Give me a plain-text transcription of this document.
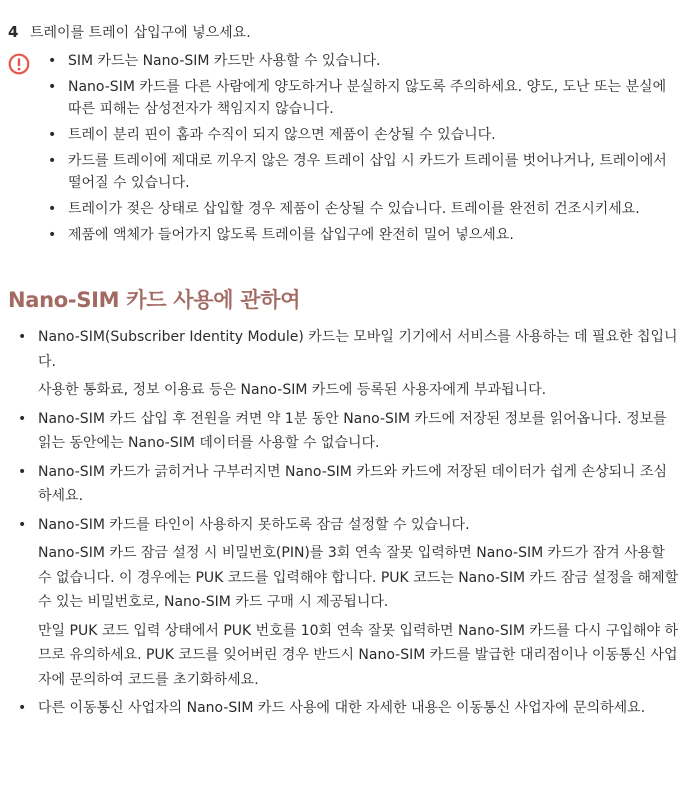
4 트레이를 트레이 삽입구에 넣으세요.
• SIM 카드는 Nano-SIM 카드만 사용할 수 있습니다.
• Nano-SIM 카드를 다른 사람에게 양도하거나 분실하지 않도록 주의하세요. 양도, 도난 또는 분실에 따른 피해는 삼성전자가 책임지지 않습니다.
• 트레이 분리 핀이 홈과 수직이 되지 않으면 제품이 손상될 수 있습니다.
• 카드를 트레이에 제대로 끼우지 않은 경우 트레이 삽입 시 카드가 트레이를 벗어나거나, 트레이에서 떨어질 수 있습니다.
• 트레이가 젖은 상태로 삽입할 경우 제품이 손상될 수 있습니다. 트레이를 완전히 건조시키세요.
• 제품에 액체가 들어가지 않도록 트레이를 삽입구에 완전히 밀어 넣으세요.
Nano-SIM 카드 사용에 관하여

• Nano-SIM(Subscriber Identity Module) 카드는 모바일 기기에서 서비스를 사용하는 데 필요한 칩입니다.

사용한 통화료, 정보 이용료 등은 Nano-SIM 카드에 등록된 사용자에게 부과됩니다.

• Nano-SIM 카드 삽입 후 전원을 켜면 약 1분 동안 Nano-SIM 카드에 저장된 정보를 읽어옵니다. 정보를 읽는 동안에는 Nano-SIM 데이터를 사용할 수 없습니다.

• Nano-SIM 카드가 긁히거나 구부러지면 Nano-SIM 카드와 카드에 저장된 데이터가 쉽게 손상되니 조심하세요.

• Nano-SIM 카드를 타인이 사용하지 못하도록 잠금 설정할 수 있습니다.

Nano-SIM 카드 잠금 설정 시 비밀번호(PIN)를 3회 연속 잘못 입력하면 Nano-SIM 카드가 잠겨 사용할 수 없습니다. 이 경우에는 PUK 코드를 입력해야 합니다. PUK 코드는 Nano-SIM 카드 잠금 설정을 해제할 수 있는 비밀번호로, Nano-SIM 카드 구매 시 제공됩니다.

만일 PUK 코드 입력 상태에서 PUK 번호를 10회 연속 잘못 입력하면 Nano-SIM 카드를 다시 구입해야 하므로 유의하세요. PUK 코드를 잊어버린 경우 반드시 Nano-SIM 카드를 발급한 대리점이나 이동통신 사업자에 문의하여 코드를 초기화하세요.

• 다른 이동통신 사업자의 Nano-SIM 카드 사용에 대한 자세한 내용은 이동통신 사업자에 문의하세요.
